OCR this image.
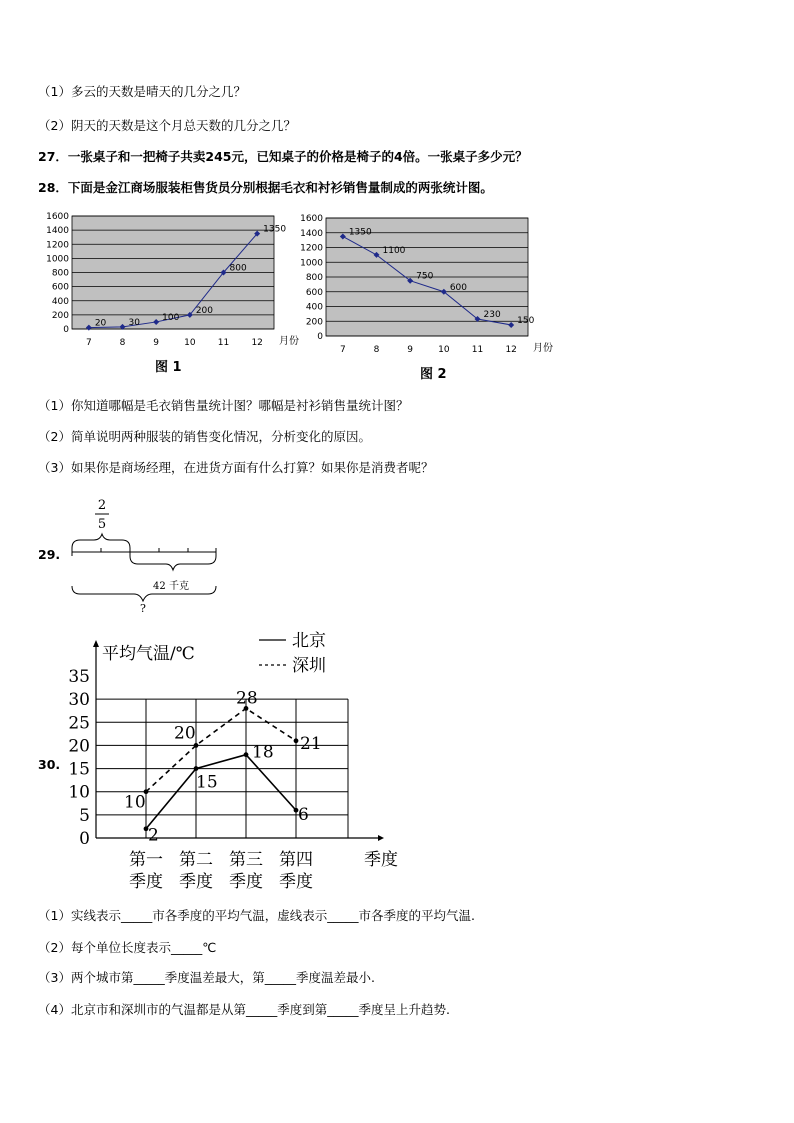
（1）多云的天数是晴天的几分之几？
（2）阴天的天数是这个月总天数的几分之几？
27．一张桌子和一把椅子共卖245元，已知桌子的价格是椅子的4倍。一张桌子多少元？
28．下面是金江商场服装柜售货员分别根据毛衣和衬衫销售量制成的两张统计图。
0
200
400
600
800
1000
1200
1400
1600
7	8	9	10 11 12 月份
20 30 100
200
800
1350
图 1
0
200
400
600
800
1000
1200
1400
1600
7	8	9	10 11 12 月份
1350
1100
750
600
230
150
图 2
（1）你知道哪幅是毛衣销售量统计图？哪幅是衬衫销售量统计图？
（2）简单说明两种服装的销售变化情况，分析变化的原因。
（3）如果你是商场经理，在进货方面有什么打算？如果你是消费者呢？
29.
2
5
42 千克
?
30.
0
5
10
15
20
25
30
35
平均气温/℃
第一
季度
第二
季度
第三
季度
第四
季度
季度
北京
深圳
10
20
28
21
2
15
18
6
（1）实线表示_____市各季度的平均气温，虚线表示_____市各季度的平均气温.
（2）每个单位长度表示_____℃
（3）两个城市第_____季度温差最大，第_____季度温差最小.
（4）北京市和深圳市的气温都是从第_____季度到第_____季度呈上升趋势.
